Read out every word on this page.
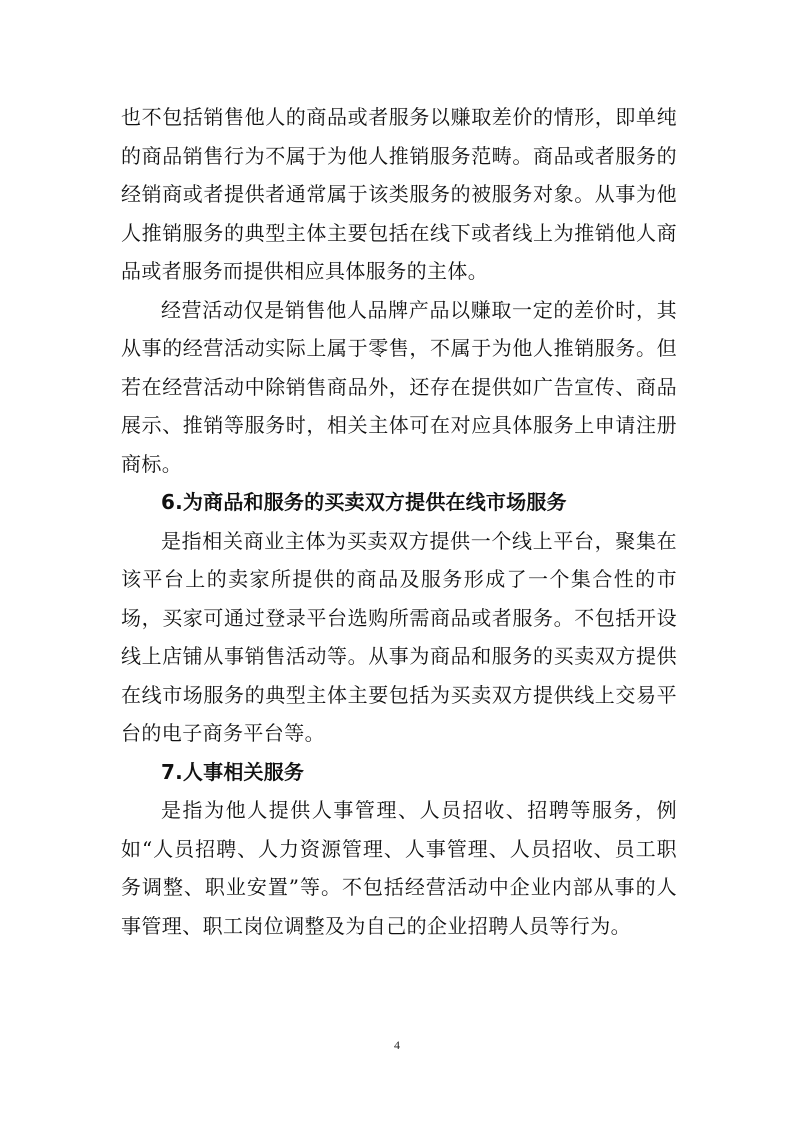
也不包括销售他人的商品或者服务以赚取差价的情形，即单纯的商品销售行为不属于为他人推销服务范畴。商品或者服务的经销商或者提供者通常属于该类服务的被服务对象。从事为他人推销服务的典型主体主要包括在线下或者线上为推销他人商品或者服务而提供相应具体服务的主体。

经营活动仅是销售他人品牌产品以赚取一定的差价时，其从事的经营活动实际上属于零售，不属于为他人推销服务。但若在经营活动中除销售商品外，还存在提供如广告宣传、商品展示、推销等服务时，相关主体可在对应具体服务上申请注册商标。

6.为商品和服务的买卖双方提供在线市场服务

是指相关商业主体为买卖双方提供一个线上平台，聚集在该平台上的卖家所提供的商品及服务形成了一个集合性的市场，买家可通过登录平台选购所需商品或者服务。不包括开设线上店铺从事销售活动等。从事为商品和服务的买卖双方提供在线市场服务的典型主体主要包括为买卖双方提供线上交易平台的电子商务平台等。

7.人事相关服务

是指为他人提供人事管理、人员招收、招聘等服务，例如“人员招聘、人力资源管理、人事管理、人员招收、员工职务调整、职业安置”等。不包括经营活动中企业内部从事的人事管理、职工岗位调整及为自己的企业招聘人员等行为。

4
